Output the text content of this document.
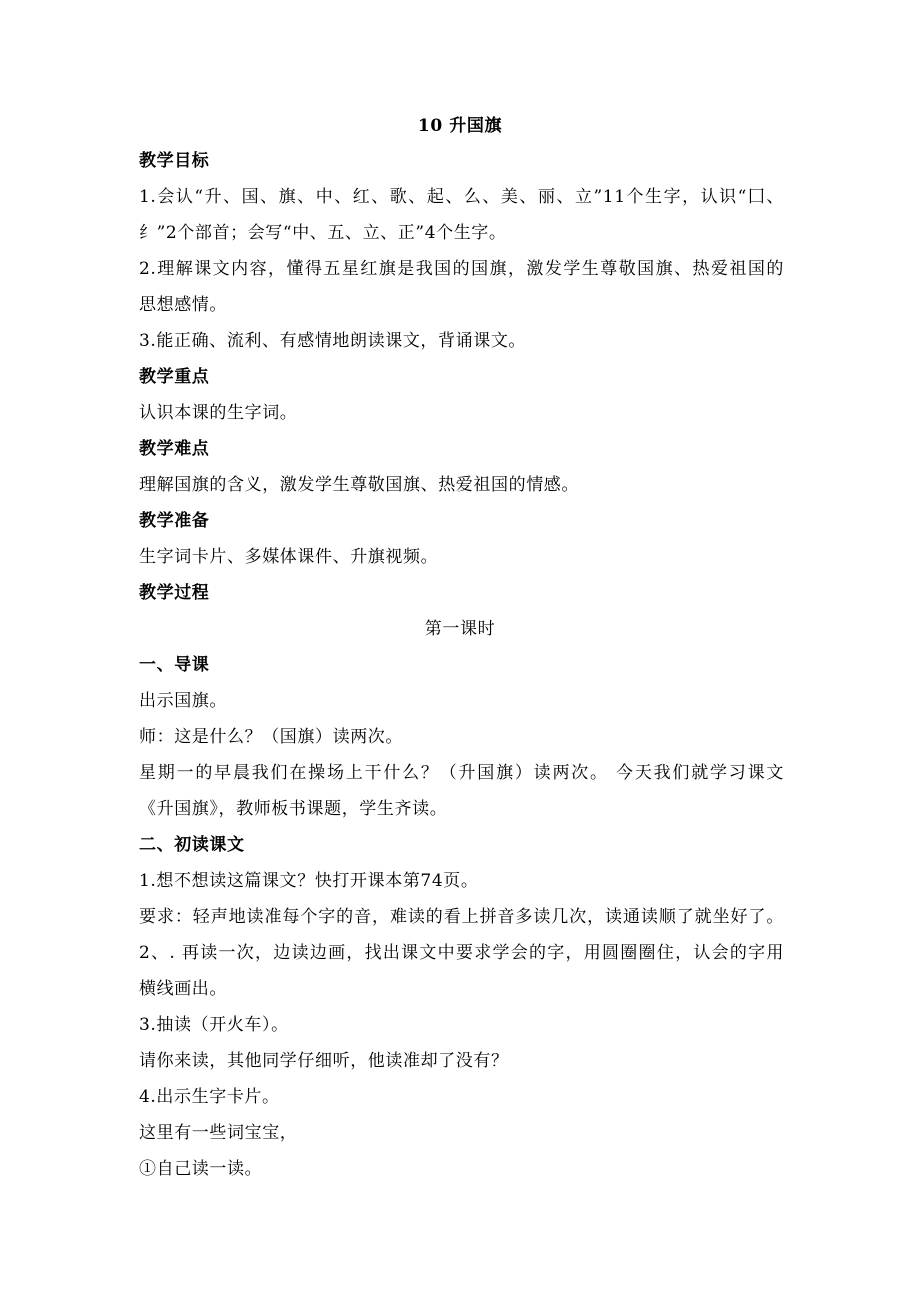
10 升国旗
教学目标
1.会认“升、国、旗、中、红、歌、起、么、美、丽、立”11个生字，认识“囗、
纟”2个部首；会写“中、五、立、正”4个生字。
2.理解课文内容，懂得五星红旗是我国的国旗，激发学生尊敬国旗、热爱祖国的
思想感情。
3.能正确、流利、有感情地朗读课文，背诵课文。
教学重点
认识本课的生字词。
教学难点
理解国旗的含义，激发学生尊敬国旗、热爱祖国的情感。
教学准备
生字词卡片、多媒体课件、升旗视频。
教学过程
第一课时
一、导课
出示国旗。
师：这是什么？（国旗）读两次。
星期一的早晨我们在操场上干什么？（升国旗）读两次。 今天我们就学习课文
《升国旗》，教师板书课题，学生齐读。
二、初读课文
1.想不想读这篇课文？快打开课本第74页。
要求：轻声地读准每个字的音，难读的看上拼音多读几次，读通读顺了就坐好了。
2、. 再读一次，边读边画，找出课文中要求学会的字，用圆圈圈住，认会的字用
横线画出。
3.抽读（开火车）。
请你来读，其他同学仔细听，他读准却了没有？
4.出示生字卡片。
这里有一些词宝宝，
①自己读一读。
